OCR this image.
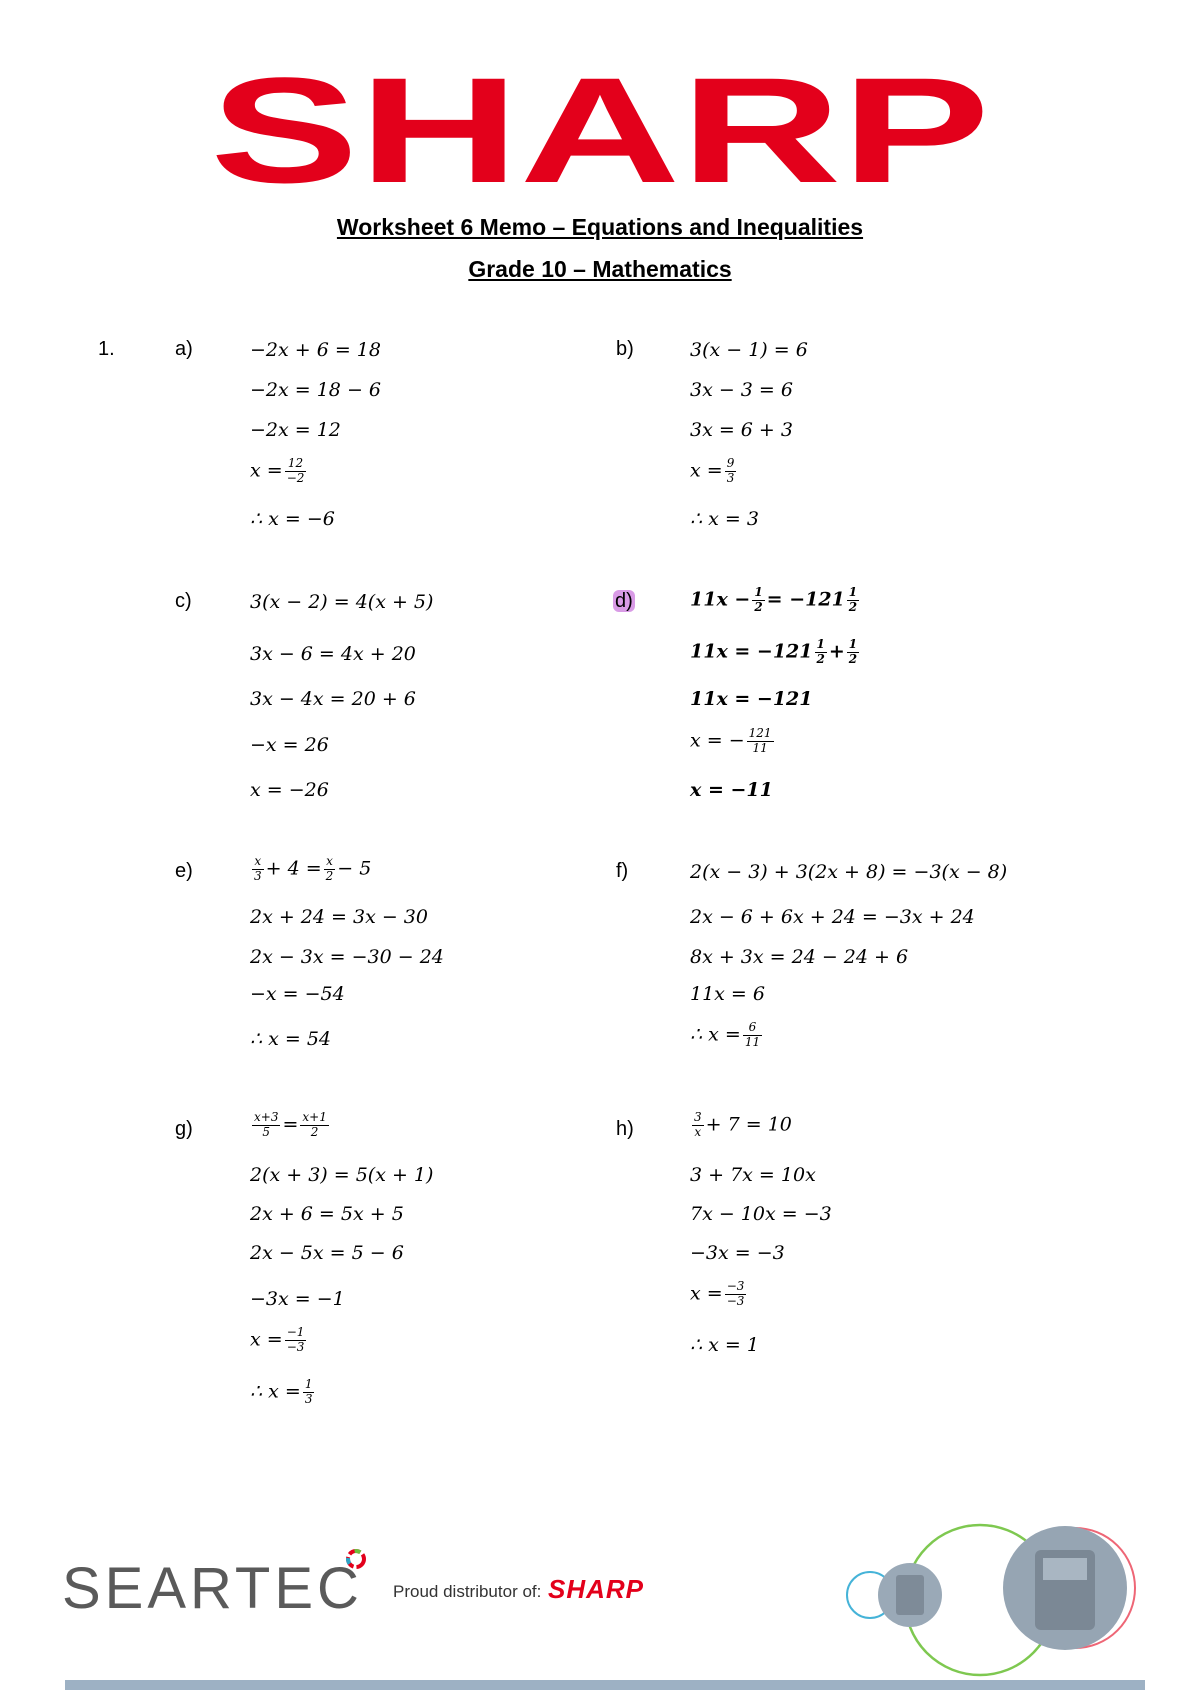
SHARP
Worksheet 6 Memo – Equations and Inequalities
Grade 10 – Mathematics
1.	a)	−2x + 6 = 18
−2x = 18 − 6
−2x = 12
$x = \frac{12}{-2}$
∴ x = −6
b)	3(x − 1) = 6
3x − 3 = 6
3x = 6 + 3
$x = \frac{9}{3}$
∴ x = 3
c)	3(x − 2) = 4(x + 5)
3x − 6 = 4x + 20
3x − 4x = 20 + 6
−x = 26
x = −26
d)	$11x - \frac{1}{2} = -121 \frac{1}{2}$
$11x = -121 \frac{1}{2} + \frac{1}{2}$
11x = −121
x = − $\frac{121}{11}$
x = −11
e)	$\frac{x}{3} + 4 = \frac{x}{2} - 5$
2x + 24 = 3x − 30
2x − 3x = −30 − 24
−x = −54
∴ x = 54
f)	2(x − 3) + 3(2x + 8) = −3(x − 8)
2x − 6 + 6x + 24 = −3x + 24
8x + 3x = 24 − 24 + 6
11x = 6
∴ $x = \frac{6}{11}$
g)	$\frac{x+3}{5} = \frac{x+1}{2}$
2(x + 3) = 5(x + 1)
2x + 6 = 5x + 5
2x − 5x = 5 − 6
−3x = −1
$x = \frac{-1}{-3}$
∴ $x = \frac{1}{3}$
h)	$\frac{3}{x} + 7 = 10$
3 + 7x = 10x
7x − 10x = −3
−3x = −3
$x = \frac{-3}{-3}$
∴ x = 1
SEARTEC Proud distributor of: SHARP
